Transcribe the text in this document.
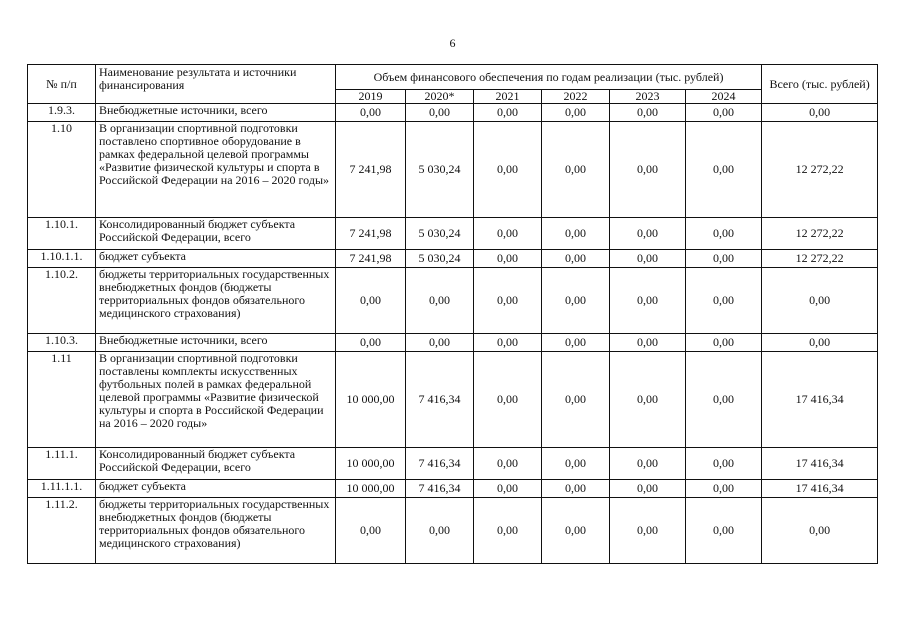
6
№ п/п	Наименование результата и источники финансирования	Объем финансового обеспечения по годам реализации (тыс. рублей)						Всего (тыс. рублей)
		2019	2020*	2021	2022	2023	2024	
1.9.3.	Внебюджетные источники, всего	0,00	0,00	0,00	0,00	0,00	0,00	0,00
1.10	В организации спортивной подготовки поставлено спортивное оборудование в рамках федеральной целевой программы «Развитие физической культуры и спорта в Российской Федерации на 2016 – 2020 годы»	7 241,98	5 030,24	0,00	0,00	0,00	0,00	12 272,22
1.10.1.	Консолидированный бюджет субъекта Российской Федерации, всего	7 241,98	5 030,24	0,00	0,00	0,00	0,00	12 272,22
1.10.1.1.	бюджет субъекта	7 241,98	5 030,24	0,00	0,00	0,00	0,00	12 272,22
1.10.2.	бюджеты территориальных государственных внебюджетных фондов (бюджеты территориальных фондов обязательного медицинского страхования)	0,00	0,00	0,00	0,00	0,00	0,00	0,00
1.10.3.	Внебюджетные источники, всего	0,00	0,00	0,00	0,00	0,00	0,00	0,00
1.11	В организации спортивной подготовки поставлены комплекты искусственных футбольных полей в рамках федеральной целевой программы «Развитие физической культуры и спорта в Российской Федерации на 2016 – 2020 годы»	10 000,00	7 416,34	0,00	0,00	0,00	0,00	17 416,34
1.11.1.	Консолидированный бюджет субъекта Российской Федерации, всего	10 000,00	7 416,34	0,00	0,00	0,00	0,00	17 416,34
1.11.1.1.	бюджет субъекта	10 000,00	7 416,34	0,00	0,00	0,00	0,00	17 416,34
1.11.2.	бюджеты территориальных государственных внебюджетных фондов (бюджеты территориальных фондов обязательного медицинского страхования)	0,00	0,00	0,00	0,00	0,00	0,00	0,00
